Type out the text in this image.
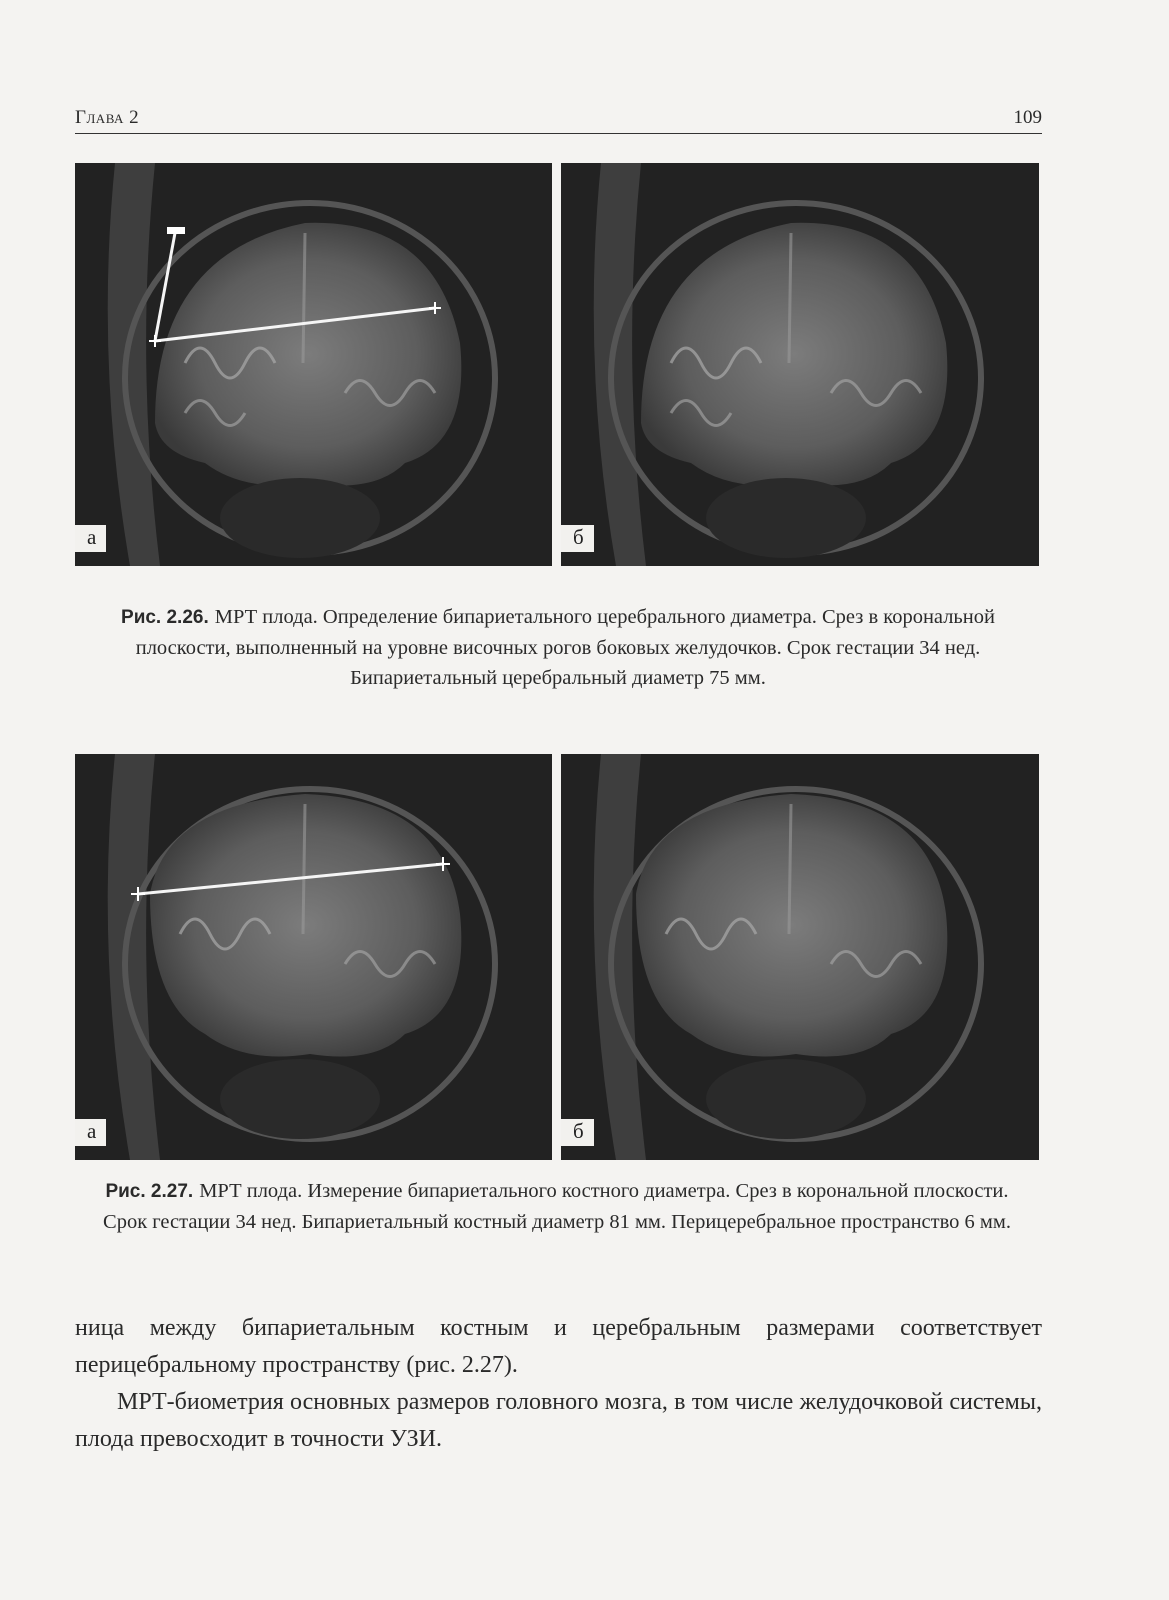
Глава 2	109
а	б
Рис. 2.26. МРТ плода. Определение бипариетального церебрального диаметра. Срез в корональной плоскости, выполненный на уровне височных рогов боковых желудочков. Срок гестации 34 нед. Бипариетальный церебральный диаметр 75 мм.
а	б
Рис. 2.27. МРТ плода. Измерение бипариетального костного диаметра. Срез в корональной плоскости. Срок гестации 34 нед. Бипариетальный костный диаметр 81 мм. Перицеребральное пространство 6 мм.

ница между бипариетальным костным и церебральным размерами соответствует перицебральному пространству (рис. 2.27).

МРТ-биометрия основных размеров головного мозга, в том числе желудочковой системы, плода превосходит в точности УЗИ.
